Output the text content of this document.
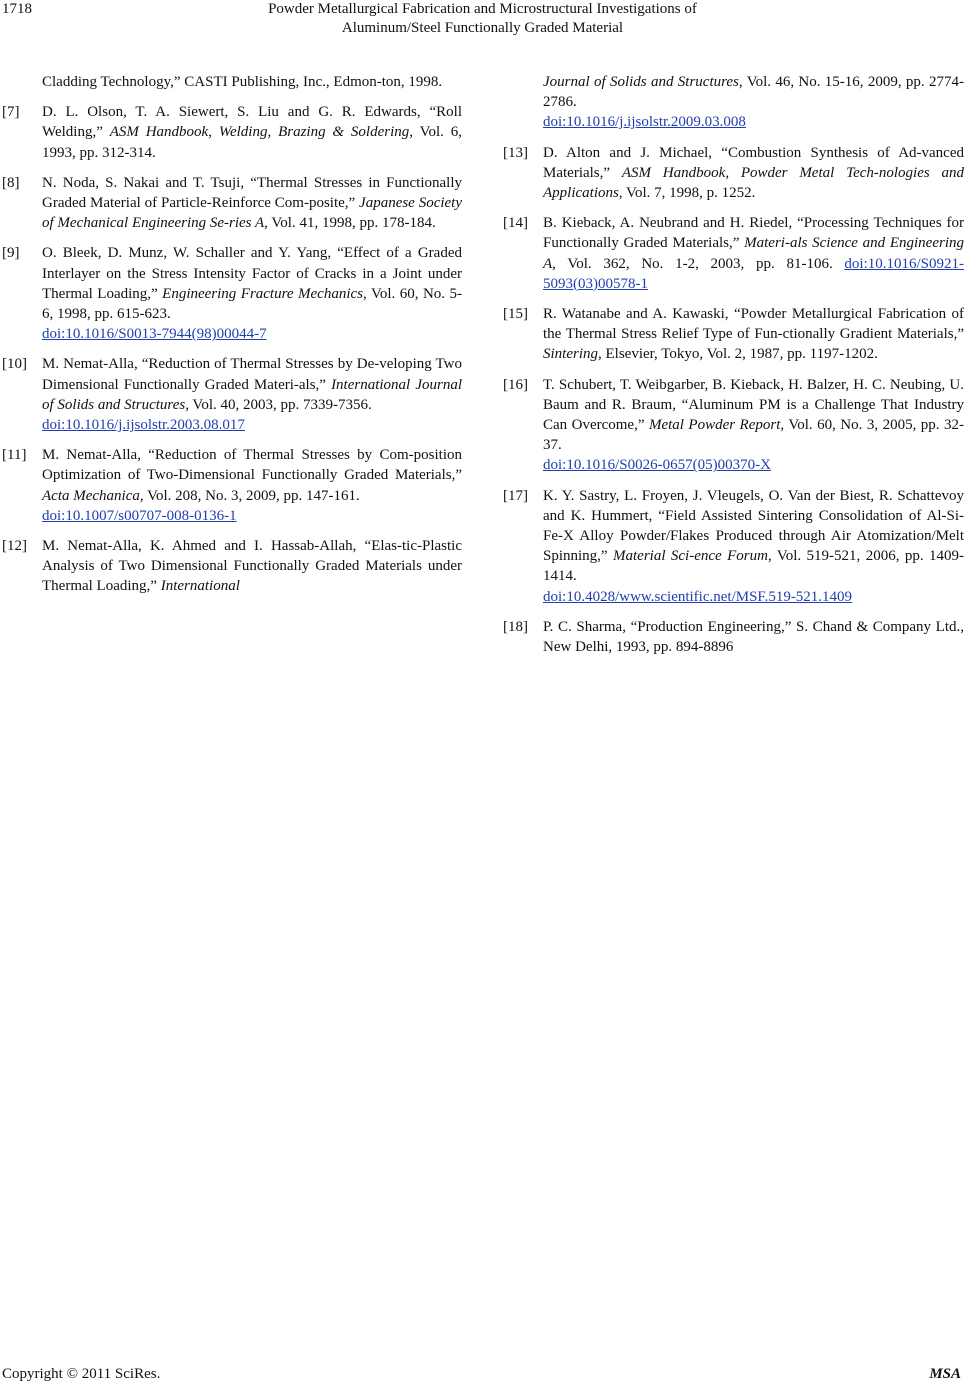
1718	Powder Metallurgical Fabrication and Microstructural Investigations of
Aluminum/Steel Functionally Graded Material
Cladding Technology,” CASTI Publishing, Inc., Edmon-ton, 1998.
[7] D. L. Olson, T. A. Siewert, S. Liu and G. R. Edwards, “Roll Welding,” ASM Handbook, Welding, Brazing & Soldering, Vol. 6, 1993, pp. 312-314.
[8] N. Noda, S. Nakai and T. Tsuji, “Thermal Stresses in Functionally Graded Material of Particle-Reinforce Com-posite,” Japanese Society of Mechanical Engineering Se-ries A, Vol. 41, 1998, pp. 178-184.
[9] O. Bleek, D. Munz, W. Schaller and Y. Yang, “Effect of a Graded Interlayer on the Stress Intensity Factor of Cracks in a Joint under Thermal Loading,” Engineering Fracture Mechanics, Vol. 60, No. 5-6, 1998, pp. 615-623.
doi:10.1016/S0013-7944(98)00044-7
[10] M. Nemat-Alla, “Reduction of Thermal Stresses by De-veloping Two Dimensional Functionally Graded Materi-als,” International Journal of Solids and Structures, Vol. 40, 2003, pp. 7339-7356.
doi:10.1016/j.ijsolstr.2003.08.017
[11] M. Nemat-Alla, “Reduction of Thermal Stresses by Com-position Optimization of Two-Dimensional Functionally Graded Materials,” Acta Mechanica, Vol. 208, No. 3, 2009, pp. 147-161.
doi:10.1007/s00707-008-0136-1
[12] M. Nemat-Alla, K. Ahmed and I. Hassab-Allah, “Elas-tic-Plastic Analysis of Two Dimensional Functionally Graded Materials under Thermal Loading,” International
Journal of Solids and Structures, Vol. 46, No. 15-16, 2009, pp. 2774-2786.
doi:10.1016/j.ijsolstr.2009.03.008
[13] D. Alton and J. Michael, “Combustion Synthesis of Ad-vanced Materials,” ASM Handbook, Powder Metal Tech-nologies and Applications, Vol. 7, 1998, p. 1252.
[14] B. Kieback, A. Neubrand and H. Riedel, “Processing Techniques for Functionally Graded Materials,” Materi-als Science and Engineering A, Vol. 362, No. 1-2, 2003, pp. 81-106. doi:10.1016/S0921-5093(03)00578-1
[15] R. Watanabe and A. Kawaski, “Powder Metallurgical Fabrication of the Thermal Stress Relief Type of Fun-ctionally Gradient Materials,” Sintering, Elsevier, Tokyo, Vol. 2, 1987, pp. 1197-1202.
[16] T. Schubert, T. Weibgarber, B. Kieback, H. Balzer, H. C. Neubing, U. Baum and R. Braum, “Aluminum PM is a Challenge That Industry Can Overcome,” Metal Powder Report, Vol. 60, No. 3, 2005, pp. 32-37.
doi:10.1016/S0026-0657(05)00370-X
[17] K. Y. Sastry, L. Froyen, J. Vleugels, O. Van der Biest, R. Schattevoy and K. Hummert, “Field Assisted Sintering Consolidation of Al-Si-Fe-X Alloy Powder/Flakes Produced through Air Atomization/Melt Spinning,” Material Sci-ence Forum, Vol. 519-521, 2006, pp. 1409-1414.
doi:10.4028/www.scientific.net/MSF.519-521.1409
[18] P. C. Sharma, “Production Engineering,” S. Chand & Company Ltd., New Delhi, 1993, pp. 894-8896
Copyright © 2011 SciRes.	MSA
